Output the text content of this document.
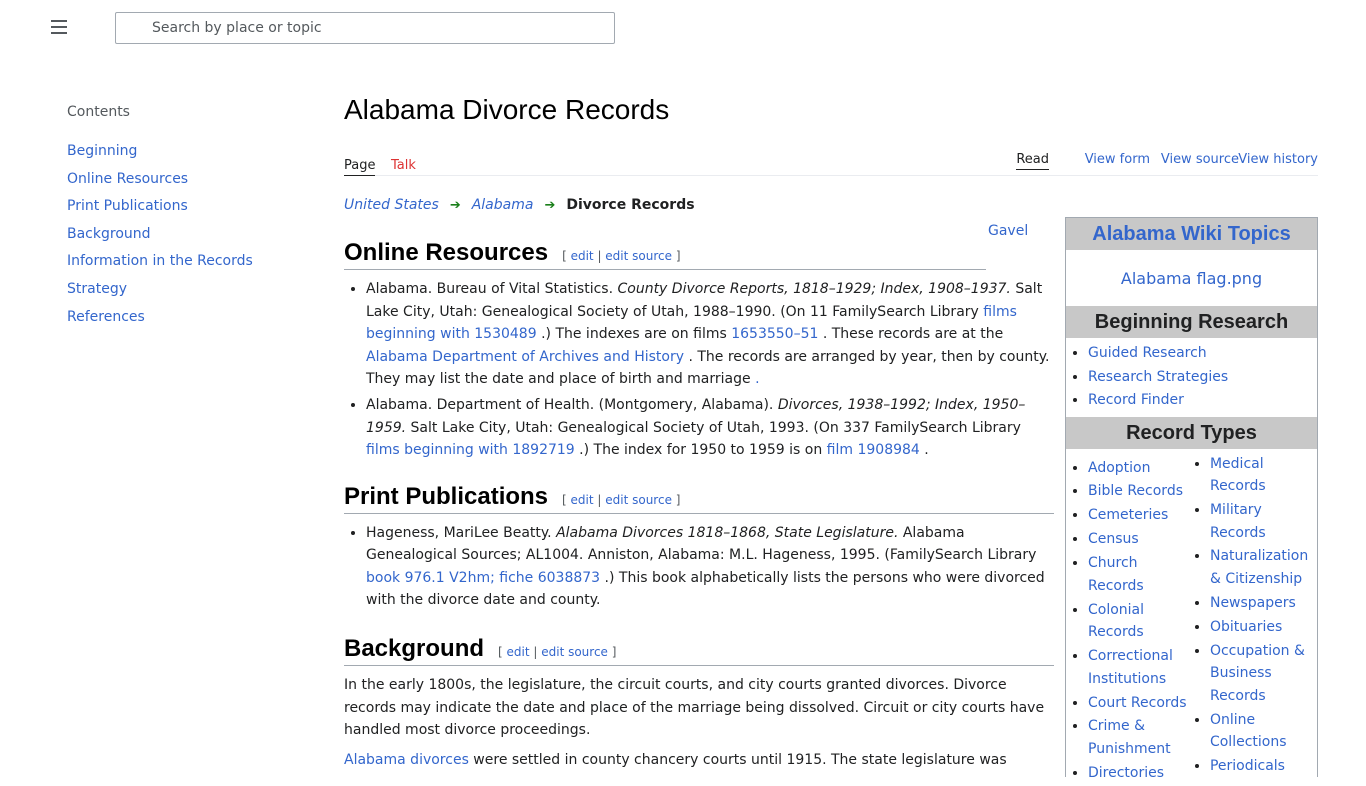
Search by place or topic
Contents
Beginning
Online Resources
Print Publications
Background
Information in the Records
Strategy
References
Alabama Divorce Records
Page Talk	Read	View form View source View history
United States ➔ Alabama ➔ Divorce Records
Gavel
Online Resources [ edit | edit source ]
• Alabama. Bureau of Vital Statistics. County Divorce Reports, 1818–1929; Index, 1908–1937. Salt Lake City, Utah: Genealogical Society of Utah, 1988–1990. (On 11 FamilySearch Library films beginning with 1530489 .) The indexes are on films 1653550–51 . These records are at the Alabama Department of Archives and History . The records are arranged by year, then by county. They may list the date and place of birth and marriage .
• Alabama. Department of Health. (Montgomery, Alabama). Divorces, 1938–1992; Index, 1950–1959. Salt Lake City, Utah: Genealogical Society of Utah, 1993. (On 337 FamilySearch Library films beginning with 1892719 .) The index for 1950 to 1959 is on film 1908984 .
Print Publications [ edit | edit source ]
• Hageness, MariLee Beatty. Alabama Divorces 1818–1868, State Legislature. Alabama Genealogical Sources; AL1004. Anniston, Alabama: M.L. Hageness, 1995. (FamilySearch Library book 976.1 V2hm; fiche 6038873 .) This book alphabetically lists the persons who were divorced with the divorce date and county.
Background [ edit | edit source ]

In the early 1800s, the legislature, the circuit courts, and city courts granted divorces. Divorce records may indicate the date and place of the marriage being dissolved. Circuit or city courts have handled most divorce proceedings.

Alabama divorces were settled in county chancery courts until 1915. The state legislature was

Alabama Wiki Topics
Alabama flag.png
Beginning Research
• Guided Research
• Research Strategies
• Record Finder
Record Types
• Adoption
• Bible Records
• Cemeteries
• Census
• Church Records
• Colonial Records
• Correctional Institutions
• Court Records
• Crime & Punishment
• Directories
• Medical Records
• Military Records
• Naturalization & Citizenship
• Newspapers
• Obituaries
• Occupation & Business Records
• Online Collections
• Periodicals
